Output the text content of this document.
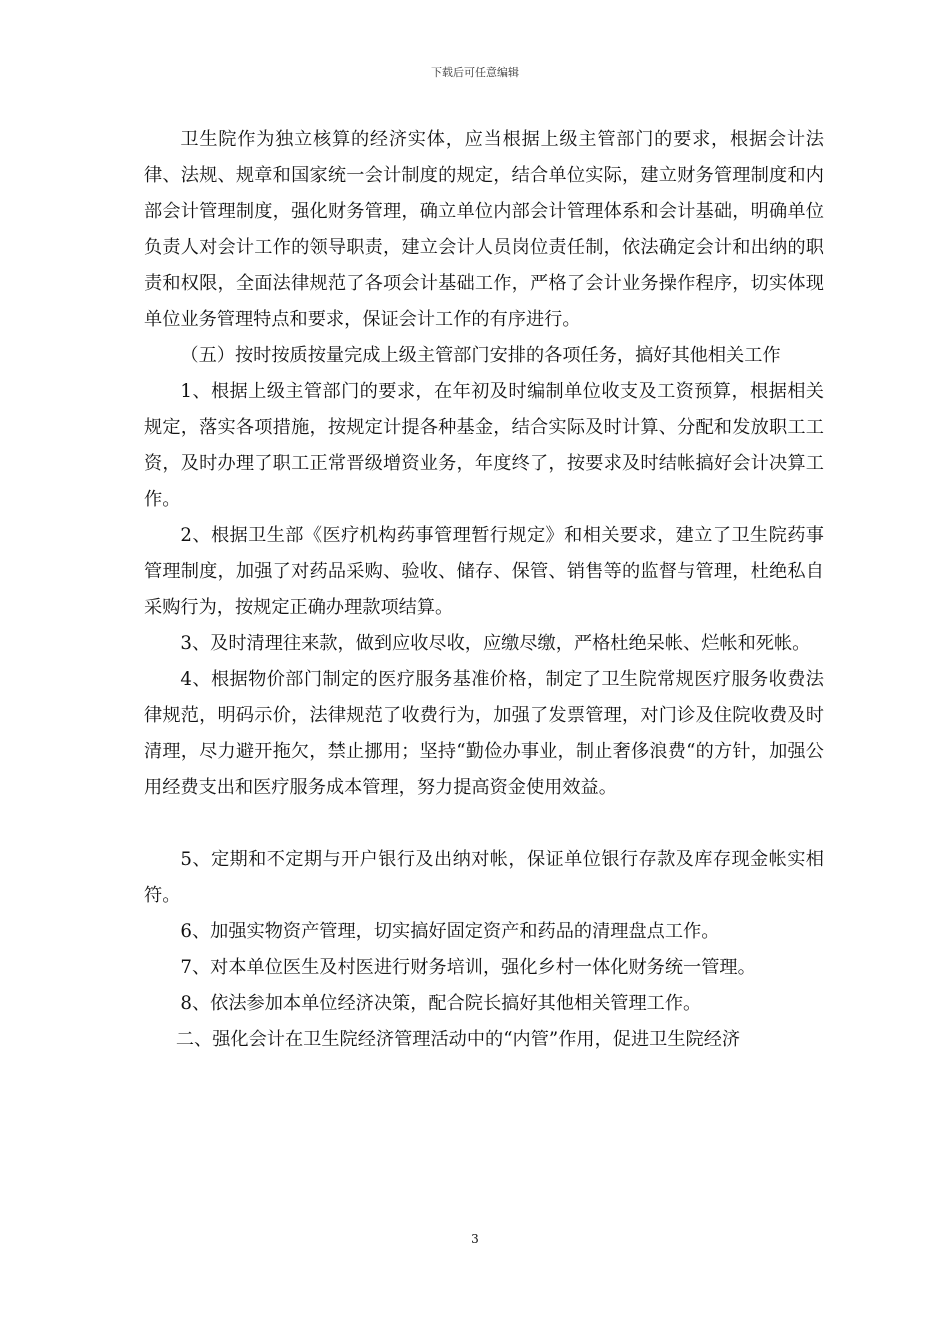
下载后可任意编辑

卫生院作为独立核算的经济实体，应当根据上级主管部门的要求，根据会计法律、法规、规章和国家统一会计制度的规定，结合单位实际，建立财务管理制度和内部会计管理制度，强化财务管理，确立单位内部会计管理体系和会计基础，明确单位负责人对会计工作的领导职责，建立会计人员岗位责任制，依法确定会计和出纳的职责和权限，全面法律规范了各项会计基础工作，严格了会计业务操作程序，切实体现单位业务管理特点和要求，保证会计工作的有序进行。

（五）按时按质按量完成上级主管部门安排的各项任务，搞好其他相关工作

1、根据上级主管部门的要求，在年初及时编制单位收支及工资预算，根据相关规定，落实各项措施，按规定计提各种基金，结合实际及时计算、分配和发放职工工资，及时办理了职工正常晋级增资业务，年度终了，按要求及时结帐搞好会计决算工作。

2、根据卫生部《医疗机构药事管理暂行规定》和相关要求，建立了卫生院药事管理制度，加强了对药品采购、验收、储存、保管、销售等的监督与管理，杜绝私自采购行为，按规定正确办理款项结算。

3、及时清理往来款，做到应收尽收，应缴尽缴，严格杜绝呆帐、烂帐和死帐。

4、根据物价部门制定的医疗服务基准价格，制定了卫生院常规医疗服务收费法律规范，明码示价，法律规范了收费行为，加强了发票管理，对门诊及住院收费及时清理，尽力避开拖欠，禁止挪用；坚持“勤俭办事业，制止奢侈浪费“的方针，加强公用经费支出和医疗服务成本管理，努力提高资金使用效益。

5、定期和不定期与开户银行及出纳对帐，保证单位银行存款及库存现金帐实相符。

6、加强实物资产管理，切实搞好固定资产和药品的清理盘点工作。

7、对本单位医生及村医进行财务培训，强化乡村一体化财务统一管理。

8、依法参加本单位经济决策，配合院长搞好其他相关管理工作。

二、强化会计在卫生院经济管理活动中的“内管”作用，促进卫生院经济

3
